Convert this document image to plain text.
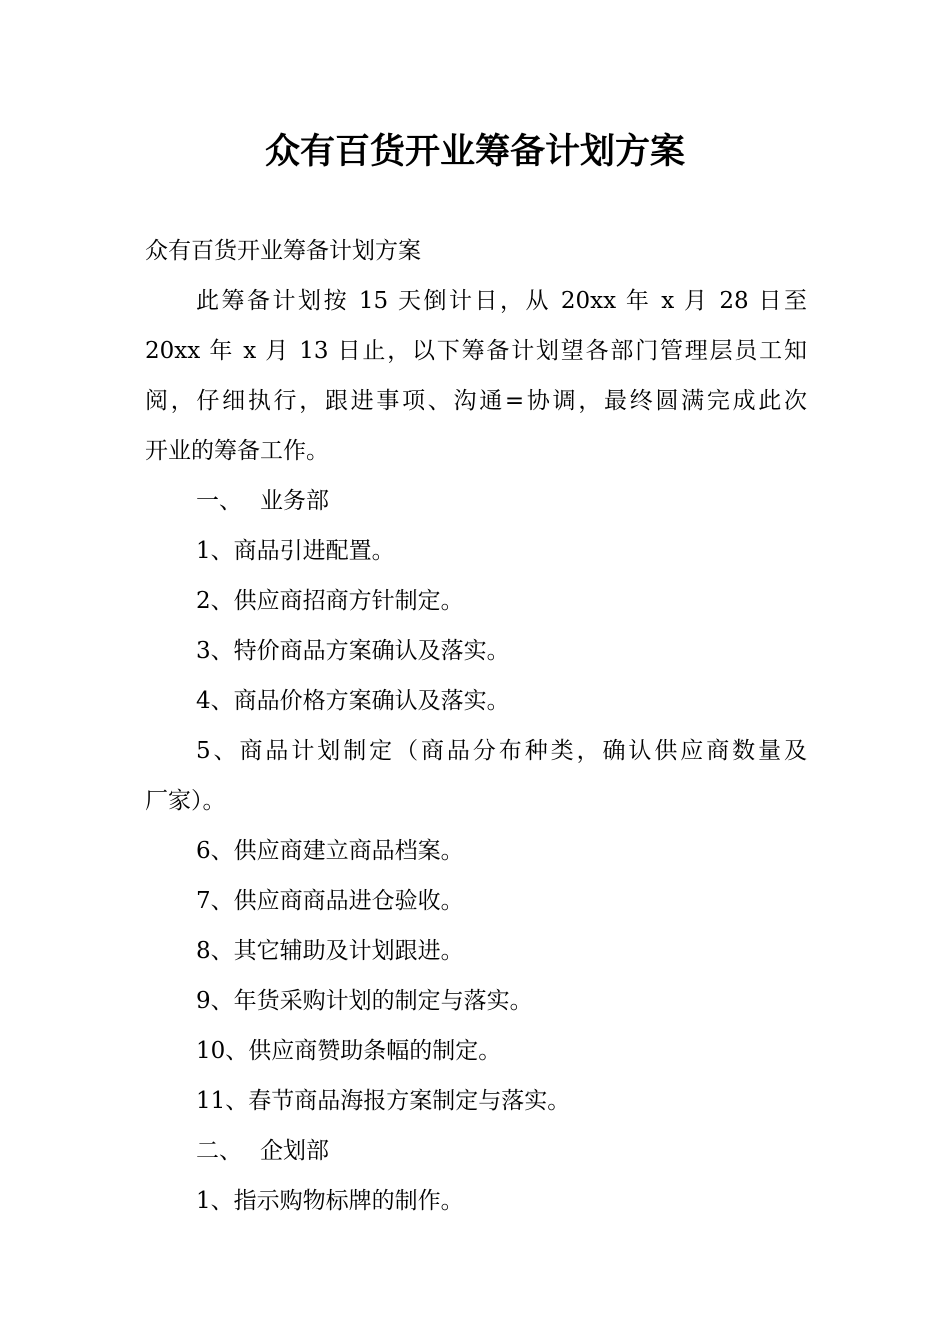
众有百货开业筹备计划方案
众有百货开业筹备计划方案
此筹备计划按 15 天倒计日，从 20xx 年 x 月 28 日至
20xx 年 x 月 13 日止，以下筹备计划望各部门管理层员工知
阅，仔细执行，跟进事项、沟通=协调，最终圆满完成此次
开业的筹备工作。
一、 业务部
1、商品引进配置。
2、供应商招商方针制定。
3、特价商品方案确认及落实。
4、商品价格方案确认及落实。
5、商品计划制定（商品分布种类，确认供应商数量及
厂家）。
6、供应商建立商品档案。
7、供应商商品进仓验收。
8、其它辅助及计划跟进。
9、年货采购计划的制定与落实。
10、供应商赞助条幅的制定。
11、春节商品海报方案制定与落实。
二、 企划部
1、指示购物标牌的制作。
